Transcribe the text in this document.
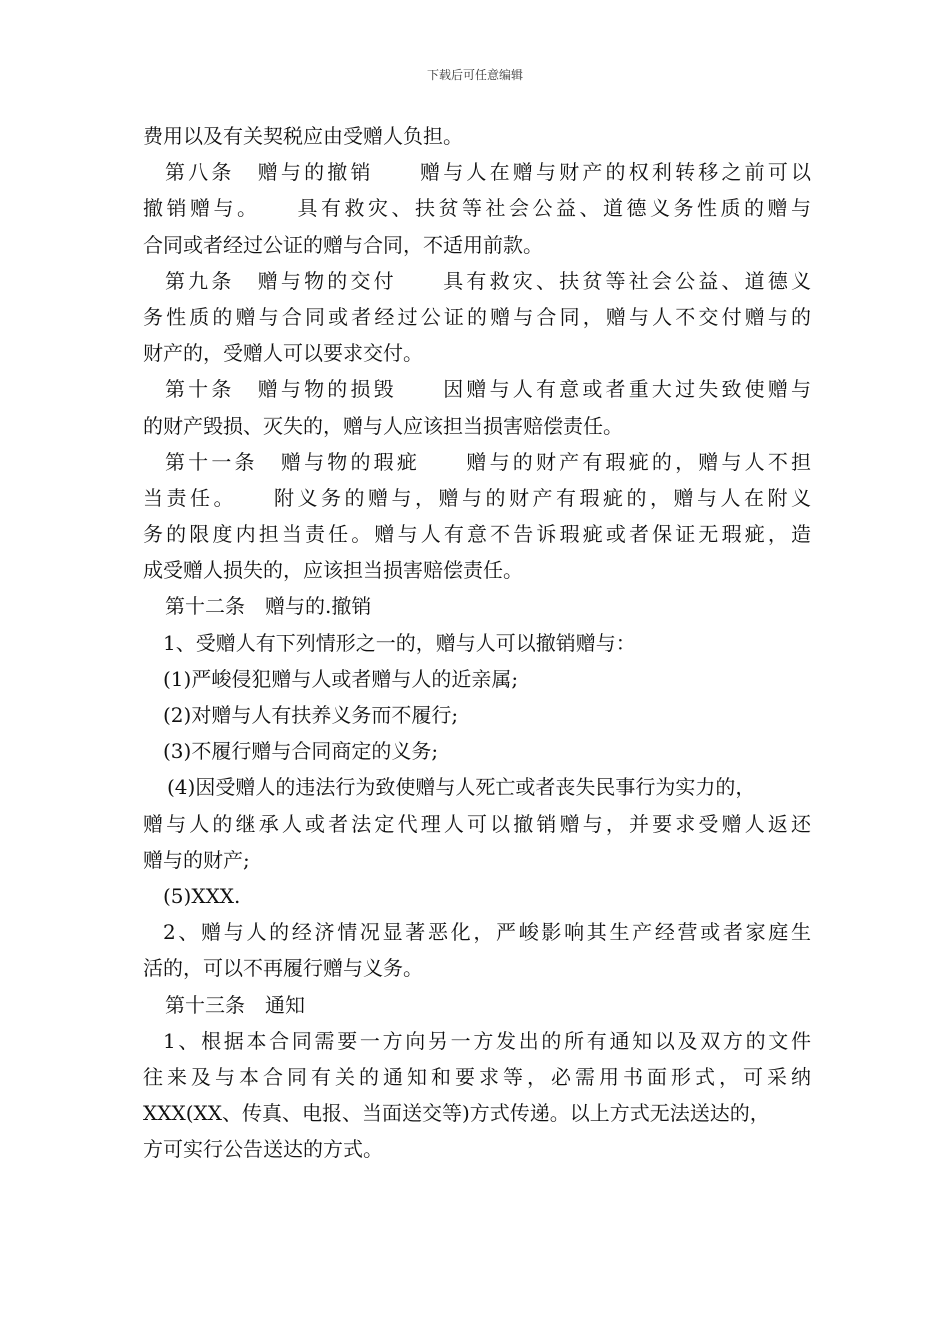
下载后可任意编辑
费用以及有关契税应由受赠人负担。
第八条　赠与的撤销　　赠与人在赠与财产的权利转移之前可以
撤销赠与。　　具有救灾、扶贫等社会公益、道德义务性质的赠与
合同或者经过公证的赠与合同，不适用前款。
第九条　赠与物的交付　　具有救灾、扶贫等社会公益、道德义
务性质的赠与合同或者经过公证的赠与合同，赠与人不交付赠与的
财产的，受赠人可以要求交付。
第十条　赠与物的损毁　　因赠与人有意或者重大过失致使赠与
的财产毁损、灭失的，赠与人应该担当损害赔偿责任。
第十一条　赠与物的瑕疵　　赠与的财产有瑕疵的，赠与人不担
当责任。　　附义务的赠与，赠与的财产有瑕疵的，赠与人在附义
务的限度内担当责任。赠与人有意不告诉瑕疵或者保证无瑕疵，造
成受赠人损失的，应该担当损害赔偿责任。
第十二条　赠与的.撤销
1、受赠人有下列情形之一的，赠与人可以撤销赠与：
(1)严峻侵犯赠与人或者赠与人的近亲属;
(2)对赠与人有扶养义务而不履行;
(3)不履行赠与合同商定的义务;
(4)因受赠人的违法行为致使赠与人死亡或者丧失民事行为实力的，
赠与人的继承人或者法定代理人可以撤销赠与，并要求受赠人返还
赠与的财产;
(5)XXX.
2、赠与人的经济情况显著恶化，严峻影响其生产经营或者家庭生
活的，可以不再履行赠与义务。
第十三条　通知
1、根据本合同需要一方向另一方发出的所有通知以及双方的文件
往来及与本合同有关的通知和要求等，必需用书面形式，可采纳
XXX(XX、传真、电报、当面送交等)方式传递。以上方式无法送达的，
方可实行公告送达的方式。
